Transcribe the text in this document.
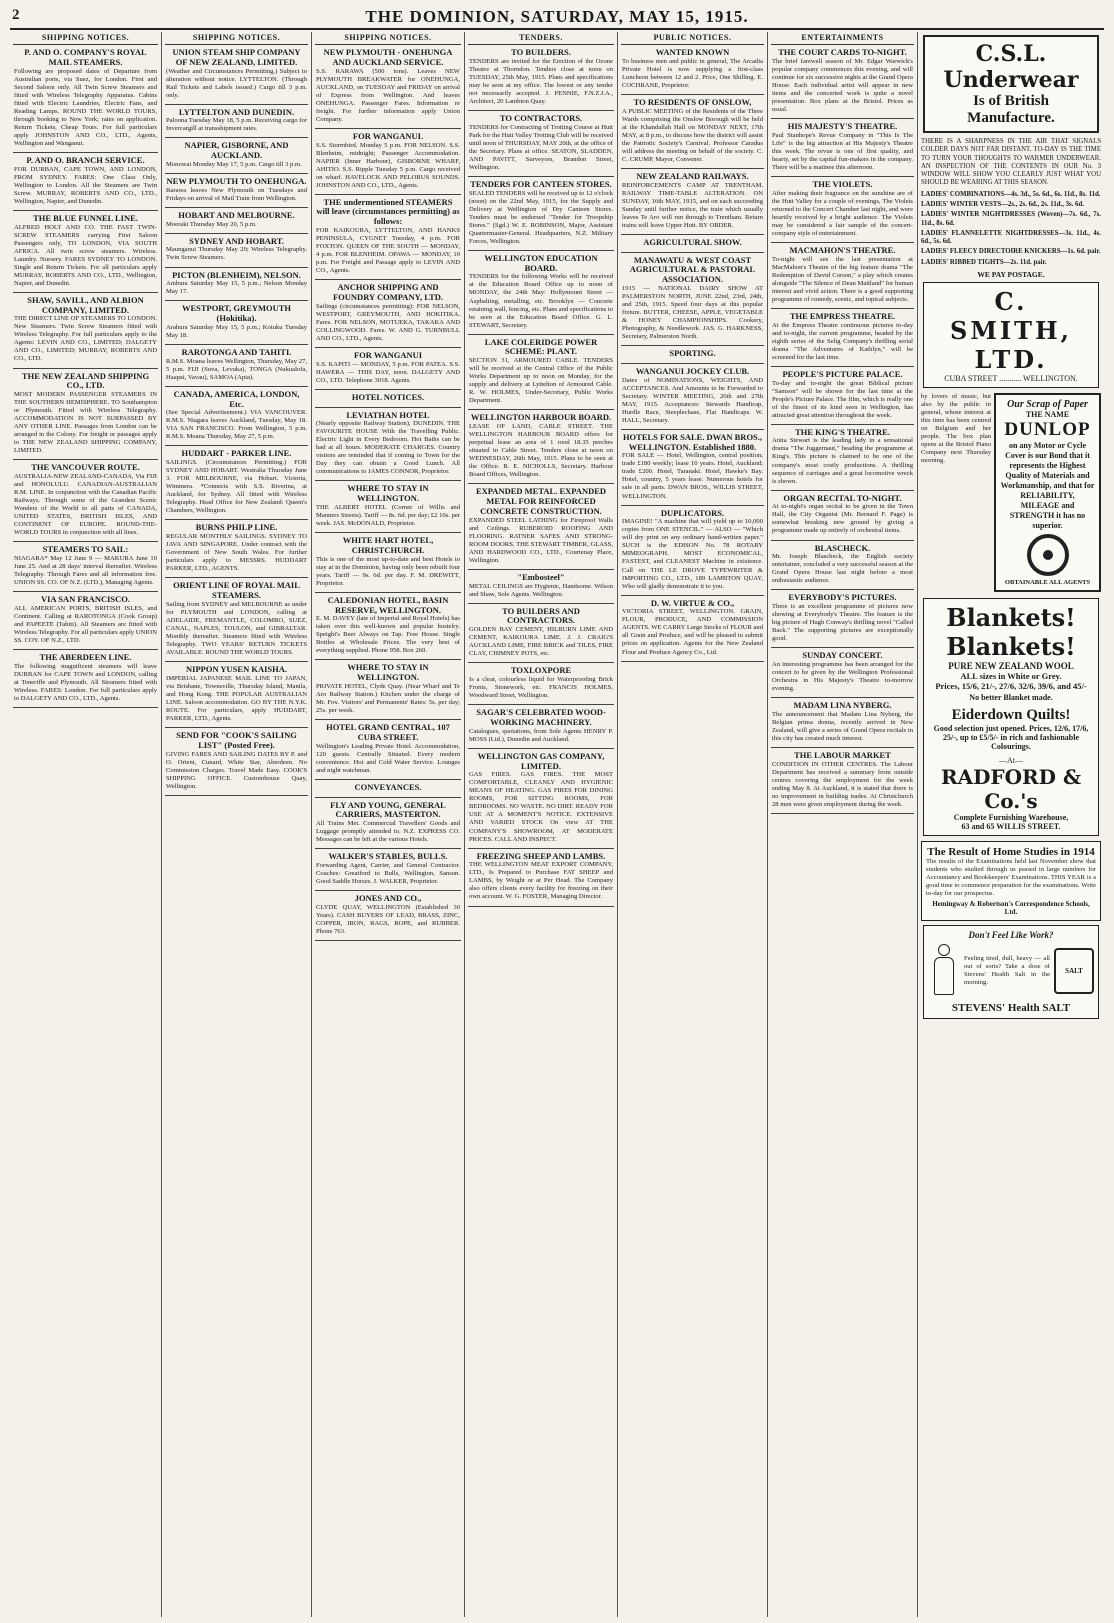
2	THE DOMINION, SATURDAY, MAY 15, 1915.
SHIPPING NOTICES.
P. AND O. COMPANY'S ROYAL MAIL STEAMERS.
Following are proposed dates of Departure from Australian ports, via Suez, for London. First and Second Saloon only. All Twin Screw Steamers and fitted with Wireless Telegraphy Apparatus. Cabins fitted with Electric Laundries, Electric Fans, and Reading Lamps. ROUND THE WORLD TOURS, through booking to New York; rates on application. Return Tickets, Cheap Tours. For full particulars apply JOHNSTON AND CO., LTD., Agents, Wellington and Wanganui.
P. AND O. BRANCH SERVICE.
FOR DURBAN, CAPE TOWN, AND LONDON, FROM SYDNEY. FARES: One Class Only, Wellington to London. All the Steamers are Twin Screw. MURRAY, ROBERTS AND CO., LTD., Wellington, Napier, and Dunedin.
THE BLUE FUNNEL LINE.
ALFRED HOLT AND CO. THE FAST TWIN-SCREW STEAMERS carrying First Saloon Passengers only, TO LONDON, VIA SOUTH AFRICA. All twin screw steamers. Wireless. Laundry. Nursery. FARES SYDNEY TO LONDON. Single and Return Tickets. For all particulars apply MURRAY, ROBERTS AND CO., LTD., Wellington, Napier, and Dunedin.
SHAW, SAVILL, AND ALBION COMPANY, LIMITED.
THE DIRECT LINE OF STEAMERS TO LONDON. New Steamers. Twin Screw Steamers fitted with Wireless Telegraphy. For full particulars apply to the Agents: LEVIN AND CO., LIMITED; DALGETY AND CO., LIMITED; MURRAY, ROBERTS AND CO., LTD.
THE NEW ZEALAND SHIPPING CO., LTD.
MOST MODERN PASSENGER STEAMERS IN THE SOUTHERN HEMISPHERE. TO Southampton or Plymouth. Fitted with Wireless Telegraphy. ACCOMMODATION IS NOT SURPASSED BY ANY OTHER LINE. Passages from London can be arranged in the Colony. For freight or passages apply to THE NEW ZEALAND SHIPPING COMPANY, LIMITED.
THE VANCOUVER ROUTE.
AUSTRALIA-NEW ZEALAND-CANADA, Via FIJI and HONOLULU. CANADIAN-AUSTRALIAN R.M. LINE. In conjunction with the Canadian Pacific Railways. Through some of the Grandest Scenic Wonders of the World to all parts of CANADA, UNITED STATES, BRITISH ISLES, AND CONTINENT OF EUROPE. ROUND-THE-WORLD TOURS in conjunction with all lines.
STEAMERS TO SAIL:
NIAGARA* May 12 June 9 — MAKURA June 10 June 25. And at 28 days' interval thereafter. Wireless Telegraphy. Through Fares and all information free. UNION SS. CO. OF N.Z. (LTD.), Managing Agents.
VIA SAN FRANCISCO.
ALL AMERICAN PORTS, BRITISH ISLES, and Continent. Calling at RAROTONGA (Cook Group) and PAPEETE (Tahiti). All Steamers are fitted with Wireless Telegraphy. For all particulars apply UNION SS. COY. OF N.Z., LTD.
THE ABERDEEN LINE.
The following magnificent steamers will leave DURBAN for CAPE TOWN and LONDON, calling at Teneriffe and Plymouth. All Steamers fitted with Wireless. FARES: London. For full particulars apply to DALGETY AND CO., LTD., Agents.
SHIPPING NOTICES.
UNION STEAM SHIP COMPANY OF NEW ZEALAND, LIMITED.
(Weather and Circumstances Permitting.) Subject to alteration without notice. LYTTELTON. (Through Rail Tickets and Labels issued.) Cargo till 3 p.m. only.
LYTTELTON AND DUNEDIN.
Paloona Tuesday May 18, 5 p.m. Receiving cargo for Invercargill at transshipment rates.
NAPIER, GISBORNE, AND AUCKLAND.
Monowai Monday May 17, 5 p.m. Cargo till 3 p.m.
NEW PLYMOUTH TO ONEHUNGA.
Rarawa leaves New Plymouth on Tuesdays and Fridays on arrival of Mail Train from Wellington.
HOBART AND MELBOURNE.
Moeraki Thursday May 20, 5 p.m.
SYDNEY AND HOBART.
Maunganui Thursday May 20; Wireless Telegraphy. Twin Screw Steamers.
PICTON (BLENHEIM), NELSON.
Ambura Saturday May 15, 5 p.m.; Nelson Monday May 17.
WESTPORT, GREYMOUTH (Hokitika).
Arahura Saturday May 15, 5 p.m.; Kotuku Tuesday May 18.
RAROTONGA AND TAHITI.
R.M.S. Moana leaves Wellington, Thursday, May 27, 5 p.m. FIJI (Suva, Levuka), TONGA (Nukualofa, Haapai, Vavau), SAMOA (Apia).
CANADA, AMERICA, LONDON, Etc.
(See Special Advertisement.) VIA VANCOUVER. R.M.S. Niagara leaves Auckland, Tuesday, May 18. VIA SAN FRANCISCO. From Wellington, 5 p.m. R.M.S. Moana Thursday, May 27, 5 p.m.
HUDDART - PARKER LINE.
SAILINGS. (Circumstances Permitting.) FOR SYDNEY AND HOBART. Westralia Thursday June 3. FOR MELBOURNE, via Hobart. Victoria, Wimmera. *Connects with S.S. Riverina, at Auckland, for Sydney. All fitted with Wireless Telegraphy. Head Office for New Zealand: Queen's Chambers, Wellington.
BURNS PHILP LINE.
REGULAR MONTHLY SAILINGS. SYDNEY TO JAVA AND SINGAPORE. Under contract with the Government of New South Wales. For further particulars apply to MESSRS. HUDDART PARKER, LTD., AGENTS.
ORIENT LINE OF ROYAL MAIL STEAMERS.
Sailing from SYDNEY and MELBOURNE as under for PLYMOUTH and LONDON, calling at ADELAIDE, FREMANTLE, COLOMBO, SUEZ, CANAL, NAPLES, TOULON, and GIBRALTAR. Monthly thereafter. Steamers fitted with Wireless Telegraphy. TWO YEARS' RETURN TICKETS AVAILABLE. ROUND THE WORLD TOURS.
NIPPON YUSEN KAISHA.
IMPERIAL JAPANESE MAIL LINE TO JAPAN, via Brisbane, Townsville, Thursday Island, Manila, and Hong Kong. THE POPULAR AUSTRALIAN LINE. Saloon accommodation. GO BY THE N.Y.K. ROUTE. For particulars, apply HUDDART, PARKER, LTD., Agents.
SEND FOR "COOK'S SAILING LIST" (Posted Free).
GIVING FARES AND SAILING DATES BY P. and O. Orient, Cunard, White Star, Aberdeen. No Commission Charges. Travel Made Easy. COOK'S SHIPPING OFFICE. Customhouse Quay, Wellington.
SHIPPING NOTICES.
NEW PLYMOUTH - ONEHUNGA AND AUCKLAND SERVICE.
S.S. RARAWA (500 tons). Leaves NEW PLYMOUTH BREAKWATER for ONEHUNGA, AUCKLAND, on TUESDAY and FRIDAY on arrival of Express from Wellington. And leaves ONEHUNGA. Passenger Fares. Information re freight. For further information apply Union Company.
FOR WANGANUI.
S.S. Stormbird. Monday 5 p.m. FOR NELSON. S.S. Blenheim, midnight; Passenger Accommodation. NAPIER (Inner Harbour), GISBORNE WHARF, AHITIO. S.S. Ripple Tuesday 5 p.m. Cargo received on wharf. HAVELOCK AND PELORUS SOUNDS. JOHNSTON AND CO., LTD., Agents.
THE undermentioned STEAMERS will leave (circumstances permitting) as follows:
FOR KAIKOURA, LYTTELTON, AND HANKS PENINSULA, CYGNET Tuesday, 4 p.m. FOR FOXTON. QUEEN OF THE SOUTH — MONDAY, 4 p.m. FOR BLENHEIM. OPAWA — MONDAY, 10 p.m. For Freight and Passage apply to LEVIN AND CO., Agents.
ANCHOR SHIPPING AND FOUNDRY COMPANY, LTD.
Sailings (circumstances permitting): FOR NELSON, WESTPORT, GREYMOUTH, AND HOKITIKA. Fares. FOR NELSON, MOTUEKA, TAKAKA AND COLLINGWOOD. Fares. W. AND G. TURNBULL AND CO., LTD., Agents.
FOR WANGANUI
S.S. KAPITI — MONDAY, 5 p.m. FOR PATEA. S.S. HAWERA — THIS DAY, noon. DALGETY AND CO., LTD. Telephone 3018. Agents.
HOTEL NOTICES.
LEVIATHAN HOTEL
(Nearly opposite Railway Station), DUNEDIN. THE FAVOURITE HOUSE With the Travelling Public. Electric Light in Every Bedroom. Hot Baths can be had at all hours. MODERATE CHARGES. Country visitors are reminded that if coming to Town for the Day they can obtain a Good Lunch. All communications to JAMES CONNOR, Proprietor.
WHERE TO STAY IN WELLINGTON.
THE ALBERT HOTEL (Corner of Willis and Manners Streets). Tariff — 8s. 6d. per day; £2 10s. per week. JAS. McDONALD, Proprietor.
WHITE HART HOTEL, CHRISTCHURCH.
This is one of the most up-to-date and best Hotels to stay at in the Dominion, having only been rebuilt four years. Tariff — 9s. 6d. per day. F. M. DREWITT, Proprietor.
CALEDONIAN HOTEL, BASIN RESERVE, WELLINGTON.
E. M. DAVEY (late of Imperial and Royal Hotels) has taken over this well-known and popular hostelry. Speight's Beer Always on Tap. Free House. Single Bottles at Wholesale Prices. The very best of everything supplied. Phone 958. Box 260.
WHERE TO STAY IN WELLINGTON.
PRIVATE HOTEL, Clyde Quay. (Near Wharf and Te Aro Railway Station.) Kitchen under the charge of Mr. Fox. Visitors' and Permanents' Rates: 5s. per day; 25s. per week.
HOTEL GRAND CENTRAL, 107 CUBA STREET.
Wellington's Leading Private Hotel. Accommodation, 120 guests. Centrally Situated. Every modern convenience. Hot and Cold Water Service. Lounges and night watchman.
CONVEYANCES.
FLY AND YOUNG, GENERAL CARRIERS, MASTERTON.
All Trains Met. Commercial Travellers' Goods and Luggage promptly attended to. N.Z. EXPRESS CO. Messages can be left at the various Hotels.
WALKER'S STABLES, BULLS.
Forwarding Agent, Carrier, and General Contractor. Coaches: Greatford to Bulls, Wellington, Sanson. Good Saddle Horses. J. WALKER, Proprietor.
JONES AND CO.,
CLYDE QUAY, WELLINGTON (Established 30 Years). CASH BUYERS OF LEAD, BRASS, ZINC, COPPER, IRON, RAGS, ROPE, and RUBBER. Phone 763.
TENDERS.
TO BUILDERS.
TENDERS are invited for the Erection of the Ozone Theatre at Thorndon. Tenders close at noon on TUESDAY, 25th May, 1915. Plans and specifications may be seen at my office. The lowest or any tender not necessarily accepted. J. PENNIE, F.N.Z.I.A., Architect, 20 Lambton Quay.
TO CONTRACTORS.
TENDERS for Contracting of Trotting Course at Hutt Park for the Hutt Valley Trotting Club will be received until noon of THURSDAY, MAY 20th, at the office of the Secretary. Plans at office. SEATON, SLADDEN, AND PAVITT, Surveyors, Brandon Street, Wellington.
TENDERS FOR CANTEEN STORES.
SEALED TENDERS will be received up to 12 o'clock (noon) on the 22nd May, 1915, for the Supply and Delivery at Wellington of Dry Canteen Stores. Tenders must be endorsed "Tender for Troopship Stores." (Sgd.) W. E. ROBINSON, Major, Assistant Quartermaster-General. Headquarters, N.Z. Military Forces, Wellington.
WELLINGTON EDUCATION BOARD.
TENDERS for the following Works will be received at the Education Board Office up to noon of MONDAY, the 24th May: Hollymount Street — Asphalting, metalling, etc. Brooklyn — Concrete retaining wall, fencing, etc. Plans and specifications to be seen at the Education Board Office. G. L. STEWART, Secretary.
LAKE COLERIDGE POWER SCHEME: PLANT.
SECTION 31, ARMOURED CABLE. TENDERS will be received at the Central Office of the Public Works Department up to noon on Monday, for the supply and delivery at Lyttelton of Armoured Cable. R. W. HOLMES, Under-Secretary, Public Works Department.
WELLINGTON HARBOUR BOARD.
LEASE OF LAND, CABLE STREET. THE WELLINGTON HARBOUR BOARD offers for perpetual lease an area of 1 rood 18.35 perches situated in Cable Street. Tenders close at noon on WEDNESDAY, 26th May, 1915. Plans to be seen at the Office. B. E. NICHOLLS, Secretary. Harbour Board Offices, Wellington.
EXPANDED METAL. EXPANDED METAL FOR REINFORCED CONCRETE CONSTRUCTION.
EXPANDED STEEL LATHING for Fireproof Walls and Ceilings. RUBEROID ROOFING AND FLOORING. RATNER SAFES AND STRONG-ROOM DOORS. THE STEWART TIMBER, GLASS, AND HARDWOOD CO., LTD., Courtenay Place, Wellington.
"Embosteel"
METAL CEILINGS are Hygienic, Handsome. Wilson and Shaw, Sole Agents. Wellington.
TO BUILDERS AND CONTRACTORS.
GOLDEN BAY CEMENT, HILBURN LIME AND CEMENT, KAIKOURA LIME. J. J. CRAIG'S AUCKLAND LIME, FIRE BRICK and TILES, FIRE CLAY, CHIMNEY POTS, etc.
TOXLOXPORE
Is a clear, colourless liquid for Waterproofing Brick Fronts, Stonework, etc. FRANCIS HOLMES, Woodward Street, Wellington.
SAGAR'S CELEBRATED WOOD-WORKING MACHINERY.
Catalogues, quotations, from Sole Agents HENRY P. MOSS (Ltd.), Dunedin and Auckland.
WELLINGTON GAS COMPANY, LIMITED.
GAS FIRES. GAS FIRES. THE MOST COMFORTABLE, CLEANLY AND HYGIENIC MEANS OF HEATING. GAS FIRES FOR DINING ROOMS, FOR SITTING ROOMS, FOR BEDROOMS. NO WASTE. NO DIRT. READY FOR USE AT A MOMENT'S NOTICE. EXTENSIVE AND VARIED STOCK On view AT THE COMPANY'S SHOWROOM, AT MODERATE PRICES. CALL AND INSPECT.
FREEZING SHEEP AND LAMBS.
THE WELLINGTON MEAT EXPORT COMPANY, LTD., Is Prepared to Purchase FAT SHEEP and LAMBS, by Weight or at Per Head. The Company also offers clients every facility for freezing on their own account. W. G. FOSTER, Managing Director.
PUBLIC NOTICES.
WANTED KNOWN
To business men and public in general, The Arcadia Private Hotel is now supplying a first-class Luncheon between 12 and 2. Price, One Shilling. E. COCHRANE, Proprietor.
TO RESIDENTS OF ONSLOW,
A PUBLIC MEETING of the Residents of the Three Wards comprising the Onslow Borough will be held at the Khandallah Hall on MONDAY NEXT, 17th MAY, at 8 p.m., to discuss how the district will assist the Patriotic Society's Carnival. Professor Caradus will address the meeting on behalf of the society. C. C. CRUMP, Mayor, Convener.
NEW ZEALAND RAILWAYS.
REINFORCEMENTS CAMP AT TRENTHAM. RAILWAY TIME-TABLE ALTERATION. ON SUNDAY, 16th MAY, 1915, and on each succeeding Sunday until further notice, the train which usually leaves Te Aro will run through to Trentham. Return trains will leave Upper Hutt. BY ORDER.
AGRICULTURAL SHOW.
MANAWATU & WEST COAST AGRICULTURAL & PASTORAL ASSOCIATION.
1915 — NATIONAL DAIRY SHOW AT PALMERSTON NORTH, JUNE 22nd, 23rd, 24th, and 25th, 1915. Speed four days at this popular fixture. BUTTER, CHEESE, APPLE, VEGETABLE & HONEY CHAMPIONSHIPS. Cookery, Photography, & Needlework. JAS. G. HARKNESS, Secretary, Palmerston North.
SPORTING.
WANGANUI JOCKEY CLUB.
Dates of NOMINATIONS, WEIGHTS, AND ACCEPTANCES. And Amounts to be Forwarded to Secretary. WINTER MEETING, 26th and 27th MAY, 1915. Acceptances: Stewards Handicap, Hurdle Race, Steeplechase, Flat Handicaps. W. HALL, Secretary.
HOTELS FOR SALE. DWAN BROS., WELLINGTON. Established 1880.
FOR SALE — Hotel, Wellington, central position; trade £180 weekly; lease 10 years. Hotel, Auckland; trade £200. Hotel, Taranaki. Hotel, Hawke's Bay. Hotel, country, 5 years lease. Numerous hotels for sale in all parts. DWAN BROS., WILLIS STREET, WELLINGTON.
DUPLICATORS.
IMAGINE! "A machine that will yield up to 10,000 copies from ONE STENCIL." — ALSO — "Which will dry print on any ordinary hand-written paper." SUCH is the EDISON No. 78 ROTARY MIMEOGRAPH. MOST ECONOMICAL, FASTEST, and CLEANEST Machine in existence. Call on THE LE DROVE TYPEWRITER & IMPORTING CO., LTD., 189 LAMBTON QUAY, Who will gladly demonstrate it to you.
D. W. VIRTUE & CO.,
VICTORIA STREET, WELLINGTON. GRAIN, FLOUR, PRODUCE, AND COMMISSION AGENTS. WE CARRY Large Stocks of FLOUR and all Grain and Produce, and will be pleased to submit prices on application. Agents for the New Zealand Flour and Produce Agency Co., Ltd.
ENTERTAINMENTS
THE COURT CARDS TO-NIGHT.
The brief farewell season of Mr. Edgar Warwick's popular company commences this evening, and will continue for six successive nights at the Grand Opera House. Each individual artist will appear in new items and the concerted work is quite a novel presentation. Box plans at the Bristol. Prices as usual.
HIS MAJESTY'S THEATRE.
Paul Stanhope's Revue Company in "This Is The Life" is the big attraction at His Majesty's Theatre this week. The revue is one of first quality, and hearty, set by the capital fun-makers in the company. There will be a matinee this afternoon.
THE VIOLETS.
After making their fragrance on the sunshine are of the Hutt Valley for a couple of evenings, The Violets returned to the Concert Chamber last night, and were heartily received by a bright audience. The Violets may be considered a fair sample of the concert-company style of entertainment.
MACMAHON'S THEATRE.
To-night will see the last presentation at MacMahon's Theatre of the big feature drama "The Redemption of David Corson," a play which creates alongside "The Silence of Dean Maitland" for human interest and vivid action. There is a good supporting programme of comedy, scenic, and topical subjects.
THE EMPRESS THEATRE.
At the Empress Theatre continuous pictures to-day and to-night, the current programme, headed by the eighth series of the Selig Company's thrilling serial drama "The Adventures of Kathlyn," will be screened for the last time.
PEOPLE'S PICTURE PALACE.
To-day and to-night the great Biblical picture "Samson" will be shown for the last time at the People's Picture Palace. The film, which is really one of the finest of its kind seen in Wellington, has attracted great attention throughout the week.
THE KING'S THEATRE.
Anita Stewart is the leading lady in a sensational drama "The Juggernaut," heading the programme at King's. This picture is claimed to be one of the company's most costly productions. A thrilling sequence of carriages and a great locomotive wreck is shown.
ORGAN RECITAL TO-NIGHT.
At to-night's organ recital to be given in the Town Hall, the City Organist (Mr. Bernard F. Page) is somewhat breaking new ground by giving a programme made up entirely of orchestral items.
BLASCHECK.
Mr. Joseph Blascheck, the English society entertainer, concluded a very successful season at the Grand Opera House last night before a most enthusiastic audience.
EVERYBODY'S PICTURES.
There is an excellent programme of pictures now showing at Everybody's Theatre. The feature is the big picture of Hugh Conway's thrilling novel "Called Back." The supporting pictures are exceptionally good.
SUNDAY CONCERT.
An interesting programme has been arranged for the concert to be given by the Wellington Professional Orchestra in His Majesty's Theatre to-morrow evening.
MADAM LINA NYBERG.
The announcement that Madam Lina Nyberg, the Belgian prima donna, recently arrived in New Zealand, will give a series of Grand Opera recitals in this city has created much interest.
THE LABOUR MARKET
CONDITION IN OTHER CENTRES. The Labour Department has received a summary from outside centres covering the employment for the week ending May 8. At Auckland, it is stated that there is no improvement in building trades. At Christchurch 28 men were given employment during the week.
C.S.L. Underwear
Is of British Manufacture.
THERE IS A SHARPNESS IN THE AIR THAT SIGNALS COLDER DAYS NOT FAR DISTANT. TO-DAY IS THE TIME TO TURN YOUR THOUGHTS TO WARMER UNDERWEAR. AN INSPECTION OF THE CONTENTS IN OUR No. 3 WINDOW WILL SHOW YOU CLEARLY JUST WHAT YOU SHOULD BE WEARING AT THIS SEASON.
LADIES' COMBINATIONS—4s. 3d., 5s. 6d., 6s. 11d., 8s. 11d.
LADIES' WINTER VESTS—2s., 2s. 6d., 2s. 11d., 3s. 6d.
LADIES' WINTER NIGHTDRESSES (Woven)—7s. 6d., 7s. 11d., 8s. 6d.
LADIES' FLANNELETTE NIGHTDRESSES—3s. 11d., 4s. 6d., 5s. 6d.
LADIES' FLEECY DIRECTOIRE KNICKERS—1s. 6d. pair.
LADIES' RIBBED TIGHTS—2s. 11d. pair.
WE PAY POSTAGE.
C. SMITH, LTD.
CUBA STREET ........... WELLINGTON.
by lovers of music, but also by the public in general, whose interest at this time has been centred on Belgium and her people. The box plan opens at the Bristol Piano Company next Thursday morning.
Our Scrap of Paper
THE NAME
DUNLOP
on any Motor or Cycle Cover is our Bond that it represents the Highest Quality of Materials and Workmanship, and that for RELIABILITY, MILEAGE and STRENGTH it has no superior.
OBTAINABLE ALL AGENTS
Blankets! Blankets!
PURE NEW ZEALAND WOOL
ALL sizes in White or Grey.
Prices, 15/6, 21/-, 27/6, 32/6, 39/6, and 45/-
No better Blanket made.
Eiderdown Quilts!
Good selection just opened. Prices, 12/6, 17/6, 25/-, up to £5/5/- in rich and fashionable Colourings.
—At—
RADFORD & Co.'s
Complete Furnishing Warehouse,
63 and 65 WILLIS STREET.
The Result of Home Studies in 1914
The results of the Examinations held last November show that students who studied through us passed in large numbers for Accountancy and Bookkeepers' Examinations. THIS YEAR is a good time to commence preparation for the examinations. Write to-day for our prospectus.
Hemingway & Robertson's Correspondence Schools, Ltd.
Don't Feel Like Work?
Feeling tired, dull, heavy — all out of sorts? Take a dose of Stevens' Health Salt in the morning.
SALT
STEVENS' Health SALT
